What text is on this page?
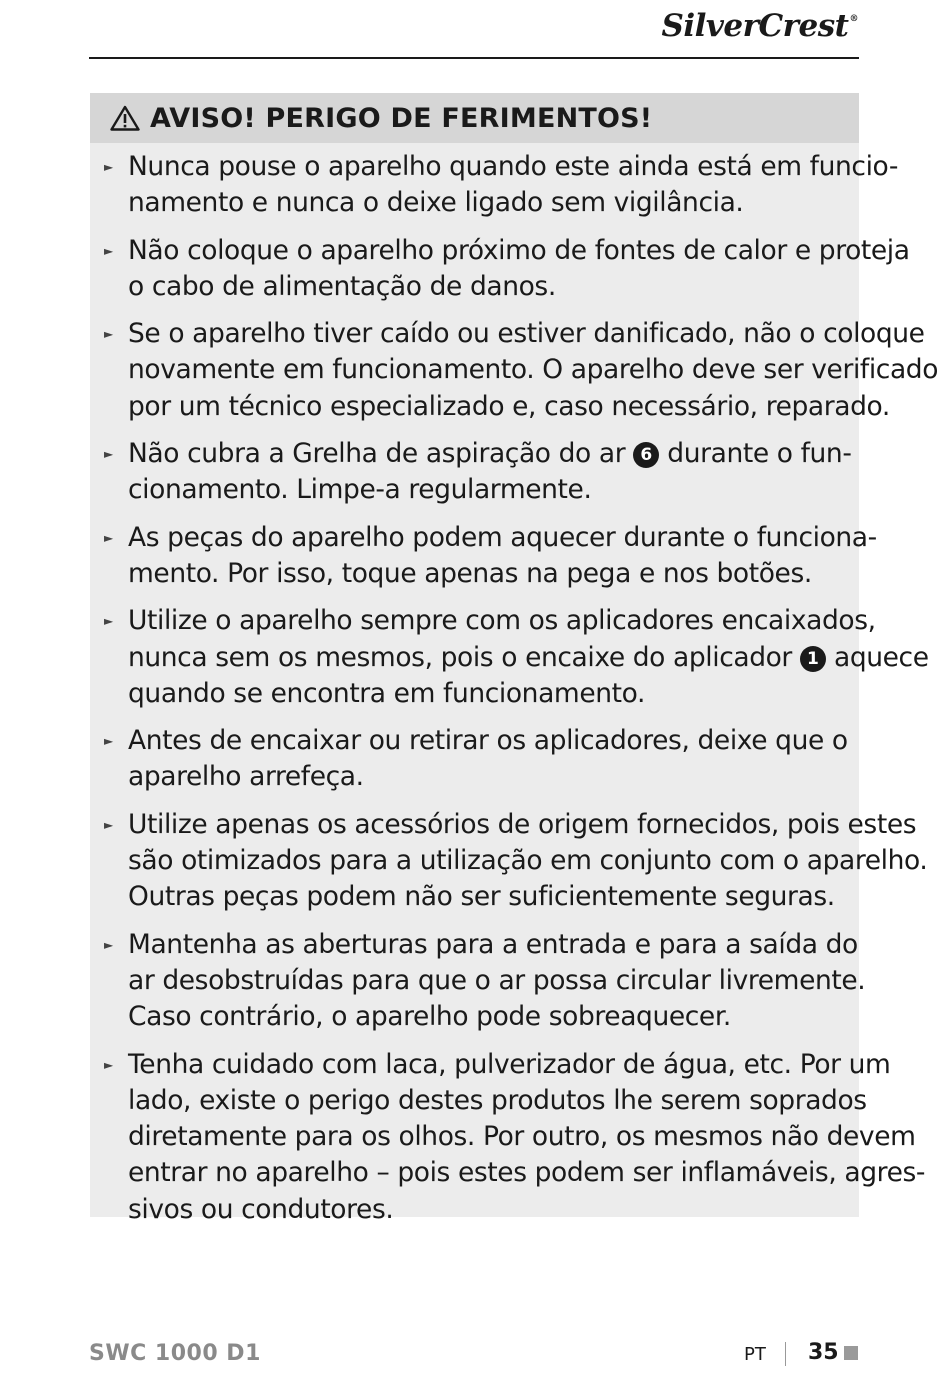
SilverCrest®
AVISO! PERIGO DE FERIMENTOS!
► Nunca pouse o aparelho quando este ainda está em funcio-
namento e nunca o deixe ligado sem vigilância.
► Não coloque o aparelho próximo de fontes de calor e proteja
o cabo de alimentação de danos.
► Se o aparelho tiver caído ou estiver danificado, não o coloque
novamente em funcionamento. O aparelho deve ser verificado
por um técnico especializado e, caso necessário, reparado.
► Não cubra a Grelha de aspiração do ar 6 durante o fun-
cionamento. Limpe-a regularmente.
► As peças do aparelho podem aquecer durante o funciona-
mento. Por isso, toque apenas na pega e nos botões.
► Utilize o aparelho sempre com os aplicadores encaixados,
nunca sem os mesmos, pois o encaixe do aplicador 1 aquece
quando se encontra em funcionamento.
► Antes de encaixar ou retirar os aplicadores, deixe que o
aparelho arrefeça.
► Utilize apenas os acessórios de origem fornecidos, pois estes
são otimizados para a utilização em conjunto com o aparelho.
Outras peças podem não ser suficientemente seguras.
► Mantenha as aberturas para a entrada e para a saída do
ar desobstruídas para que o ar possa circular livremente.
Caso contrário, o aparelho pode sobreaquecer.
► Tenha cuidado com laca, pulverizador de água, etc. Por um
lado, existe o perigo destes produtos lhe serem soprados
diretamente para os olhos. Por outro, os mesmos não devem
entrar no aparelho – pois estes podem ser inflamáveis, agres-
sivos ou condutores.
SWC 1000 D1	PT 35
